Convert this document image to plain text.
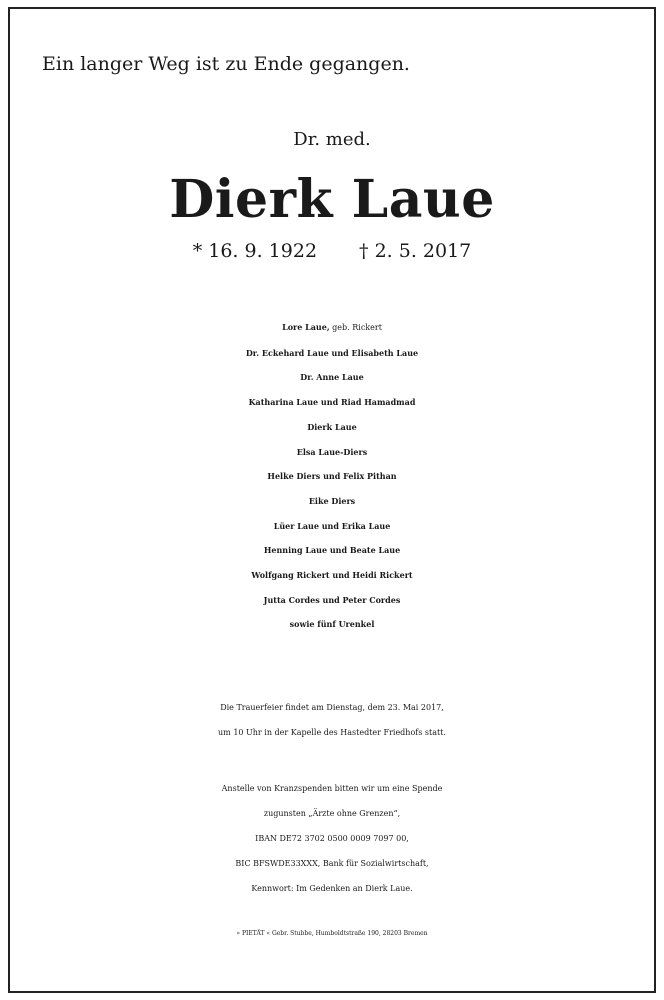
Ein langer Weg ist zu Ende gegangen.
Dr. med.
Dierk Laue
* 16. 9. 1922 † 2. 5. 2017
Lore Laue, geb. Rickert
Dr. Eckehard Laue und Elisabeth Laue
Dr. Anne Laue
Katharina Laue und Riad Hamadmad
Dierk Laue
Elsa Laue-Diers
Helke Diers und Felix Pithan
Eike Diers
Lüer Laue und Erika Laue
Henning Laue und Beate Laue
Wolfgang Rickert und Heidi Rickert
Jutta Cordes und Peter Cordes
sowie fünf Urenkel
Die Trauerfeier findet am Dienstag, dem 23. Mai 2017,
um 10 Uhr in der Kapelle des Hastedter Friedhofs statt.
Anstelle von Kranzspenden bitten wir um eine Spende
zugunsten „Ärzte ohne Grenzen“,
IBAN DE72 3702 0500 0009 7097 00,
BIC BFSWDE33XXX, Bank für Sozialwirtschaft,
Kennwort: Im Gedenken an Dierk Laue.
» PIETÄT « Gebr. Stubbe, Humboldtstraße 190, 28203 Bremen
